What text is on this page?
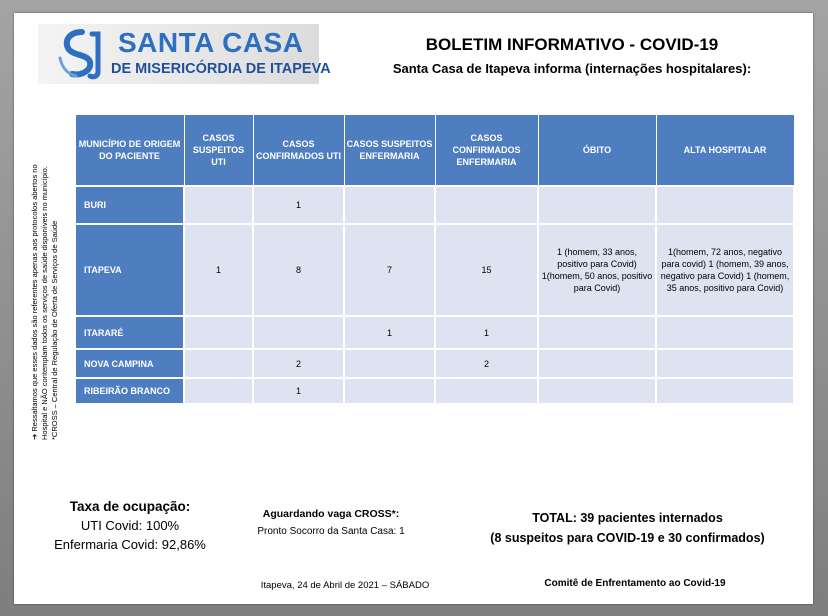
SANTA CASA
DE MISERICÓRDIA DE ITAPEVA
BOLETIM INFORMATIVO - COVID-19
Santa Casa de Itapeva informa (internações hospitalares):
➔ Ressaltamos que esses dados são referentes apenas aos protocolos abertos no Hospital e NÃO contemplam todos os serviços de saúde disponíveis no município. *CROSS – Central de Regulação de Oferta de Serviços de Saúde
MUNICÍPIO DE ORIGEM DO PACIENTE	CASOS SUSPEITOS UTI	CASOS CONFIRMADOS UTI	CASOS SUSPEITOS ENFERMARIA	CASOS CONFIRMADOS ENFERMARIA	ÓBITO	ALTA HOSPITALAR
BURI		1				
ITAPEVA	1	8	7	15	1 (homem, 33 anos, positivo para Covid) 1(homem, 50 anos, positivo para Covid)	1(homem, 72 anos, negativo para covid) 1 (homem, 39 anos, negativo para Covid) 1 (homem, 35 anos, positivo para Covid)
ITARARÉ			1	1		
NOVA CAMPINA		2		2		
RIBEIRÃO BRANCO		1				
Taxa de ocupação:
UTI Covid: 100%
Enfermaria Covid: 92,86%
Aguardando vaga CROSS*:
Pronto Socorro da Santa Casa: 1
TOTAL: 39 pacientes internados
(8 suspeitos para COVID-19 e 30 confirmados)
Itapeva, 24 de Abril de 2021 – SÁBADO	Comitê de Enfrentamento ao Covid-19
